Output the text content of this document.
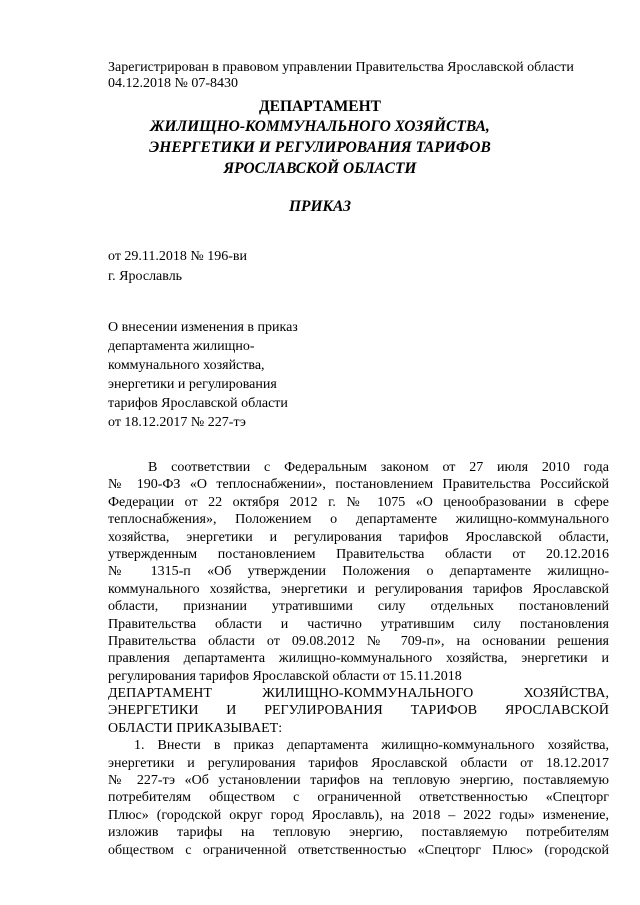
Зарегистрирован в правовом управлении Правительства Ярославской области
04.12.2018 № 07-8430
ДЕПАРТАМЕНТ
ЖИЛИЩНО-КОММУНАЛЬНОГО ХОЗЯЙСТВА,
ЭНЕРГЕТИКИ И РЕГУЛИРОВАНИЯ ТАРИФОВ
ЯРОСЛАВСКОЙ ОБЛАСТИ
ПРИКАЗ
от 29.11.2018 № 196-ви
г. Ярославль
О внесении изменения в приказ
департамента жилищно-
коммунального хозяйства,
энергетики и регулирования
тарифов Ярославской области
от 18.12.2017 № 227-тэ
В соответствии с Федеральным законом от 27 июля 2010 года
№ 190-ФЗ «О теплоснабжении», постановлением Правительства Российской
Федерации от 22 октября 2012 г. № 1075 «О ценообразовании в сфере
теплоснабжения», Положением о департаменте жилищно-коммунального
хозяйства, энергетики и регулирования тарифов Ярославской области,
утвержденным постановлением Правительства области от 20.12.2016
№ 1315-п «Об утверждении Положения о департаменте жилищно-
коммунального хозяйства, энергетики и регулирования тарифов Ярославской
области, признании утратившими силу отдельных постановлений
Правительства области и частично утратившим силу постановления
Правительства области от 09.08.2012 № 709-п», на основании решения
правления департамента жилищно-коммунального хозяйства, энергетики и
регулирования тарифов Ярославской области от 15.11.2018
ДЕПАРТАМЕНТ ЖИЛИЩНО-КОММУНАЛЬНОГО ХОЗЯЙСТВА,
ЭНЕРГЕТИКИ И РЕГУЛИРОВАНИЯ ТАРИФОВ ЯРОСЛАВСКОЙ
ОБЛАСТИ ПРИКАЗЫВАЕТ:
1. Внести в приказ департамента жилищно-коммунального хозяйства,
энергетики и регулирования тарифов Ярославской области от 18.12.2017
№ 227-тэ «Об установлении тарифов на тепловую энергию, поставляемую
потребителям обществом с ограниченной ответственностью «Спецторг
Плюс» (городской округ город Ярославль), на 2018 – 2022 годы» изменение,
изложив тарифы на тепловую энергию, поставляемую потребителям
обществом с ограниченной ответственностью «Спецторг Плюс» (городской
